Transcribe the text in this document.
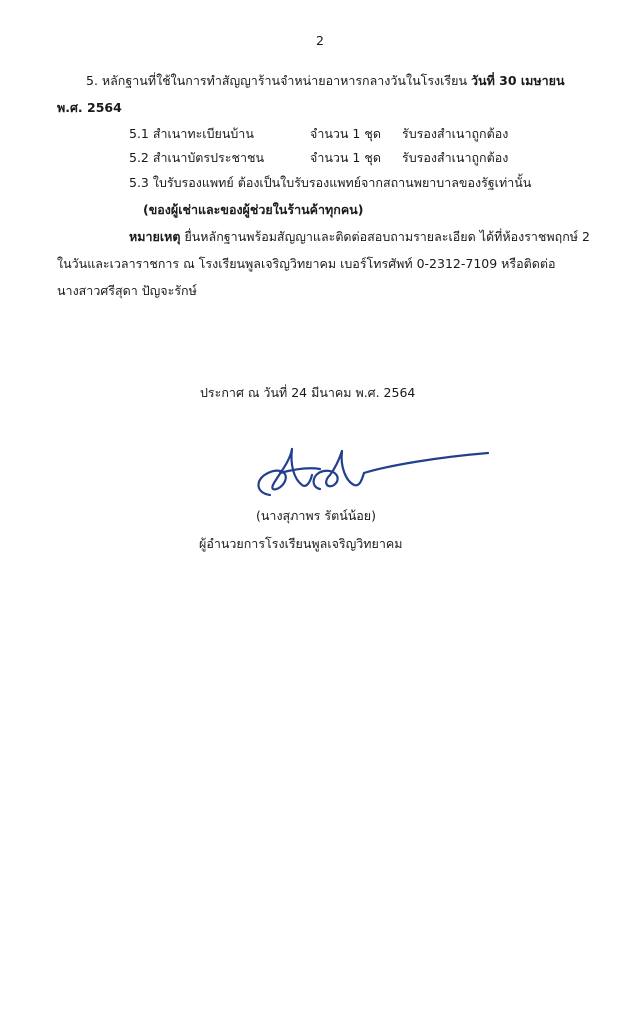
2
5. หลักฐานที่ใช้ในการทำสัญญาร้านจำหน่ายอาหารกลางวันในโรงเรียน วันที่ 30 เมษายน
พ.ศ. 2564
5.1 สำเนาทะเบียนบ้าน	จำนวน 1 ชุด รับรองสำเนาถูกต้อง
5.2 สำเนาบัตรประชาชน	จำนวน 1 ชุด รับรองสำเนาถูกต้อง
5.3 ใบรับรองแพทย์ ต้องเป็นใบรับรองแพทย์จากสถานพยาบาลของรัฐเท่านั้น
(ของผู้เช่าและของผู้ช่วยในร้านค้าทุกคน)
หมายเหตุ ยื่นหลักฐานพร้อมสัญญาและติดต่อสอบถามรายละเอียด ได้ที่ห้องราชพฤกษ์ 2
ในวันและเวลาราชการ ณ โรงเรียนพูลเจริญวิทยาคม เบอร์โทรศัพท์ 0-2312-7109 หรือติดต่อ
นางสาวศรีสุดา ปัญจะรักษ์
ประกาศ ณ วันที่ 24 มีนาคม พ.ศ. 2564
(นางสุภาพร รัตน์น้อย)
ผู้อำนวยการโรงเรียนพูลเจริญวิทยาคม
